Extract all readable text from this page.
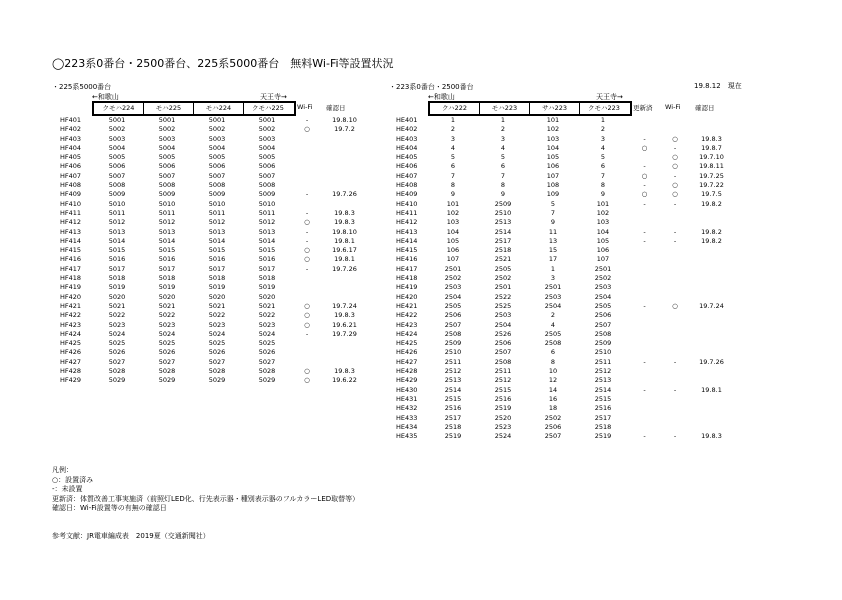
◯223系0番台・2500番台、225系5000番台　無料Wi-Fi等設置状況
19.8.12　現在
・225系5000番台
←和歌山	天王寺→
クモハ224	モハ225	モハ224	クモハ225	Wi-Fi 確認日
HF401	5001	5001	5001	5001	-	19.8.10
HF402	5002	5002	5002	5002	○	19.7.2
HF403	5003	5003	5003	5003		
HF404	5004	5004	5004	5004		
HF405	5005	5005	5005	5005		
HF406	5006	5006	5006	5006		
HF407	5007	5007	5007	5007		
HF408	5008	5008	5008	5008		
HF409	5009	5009	5009	5009	-	19.7.26
HF410	5010	5010	5010	5010		
HF411	5011	5011	5011	5011	-	19.8.3
HF412	5012	5012	5012	5012	○	19.8.3
HF413	5013	5013	5013	5013	-	19.8.10
HF414	5014	5014	5014	5014	-	19.8.1
HF415	5015	5015	5015	5015	○	19.6.17
HF416	5016	5016	5016	5016	○	19.8.1
HF417	5017	5017	5017	5017	-	19.7.26
HF418	5018	5018	5018	5018		
HF419	5019	5019	5019	5019		
HF420	5020	5020	5020	5020		
HF421	5021	5021	5021	5021	○	19.7.24
HF422	5022	5022	5022	5022	○	19.8.3
HF423	5023	5023	5023	5023	○	19.6.21
HF424	5024	5024	5024	5024	-	19.7.29
HF425	5025	5025	5025	5025		
HF426	5026	5026	5026	5026		
HF427	5027	5027	5027	5027		
HF428	5028	5028	5028	5028	○	19.8.3
HF429	5029	5029	5029	5029	○	19.6.22
・223系0番台・2500番台
←和歌山	天王寺→
クハ222	モハ223	サハ223	クモハ223	更新済 Wi-Fi 確認日
HE401	1	1	101	1			
HE402	2	2	102	2			
HE403	3	3	103	3	-	○	19.8.3
HE404	4	4	104	4	○	-	19.8.7
HE405	5	5	105	5		○	19.7.10
HE406	6	6	106	6	-	○	19.8.11
HE407	7	7	107	7	○	-	19.7.25
HE408	8	8	108	8	-	○	19.7.22
HE409	9	9	109	9	○	○	19.7.5
HE410	101	2509	5	101	-	-	19.8.2
HE411	102	2510	7	102			
HE412	103	2513	9	103			
HE413	104	2514	11	104	-	-	19.8.2
HE414	105	2517	13	105	-	-	19.8.2
HE415	106	2518	15	106			
HE416	107	2521	17	107			
HE417	2501	2505	1	2501			
HE418	2502	2502	3	2502			
HE419	2503	2501	2501	2503			
HE420	2504	2522	2503	2504			
HE421	2505	2525	2504	2505	-	○	19.7.24
HE422	2506	2503	2	2506			
HE423	2507	2504	4	2507			
HE424	2508	2526	2505	2508			
HE425	2509	2506	2508	2509			
HE426	2510	2507	6	2510			
HE427	2511	2508	8	2511	-	-	19.7.26
HE428	2512	2511	10	2512			
HE429	2513	2512	12	2513			
HE430	2514	2515	14	2514	-	-	19.8.1
HE431	2515	2516	16	2515			
HE432	2516	2519	18	2516			
HE433	2517	2520	2502	2517			
HE434	2518	2523	2506	2518			
HE435	2519	2524	2507	2519	-	-	19.8.3
凡例：
○：設置済み
-：未設置
更新済：体質改善工事実施済（前照灯LED化、行先表示器・種別表示器のフルカラーLED取替等）
確認日：Wi-Fi設置等の有無の確認日
参考文献：JR電車編成表　2019夏（交通新聞社）
